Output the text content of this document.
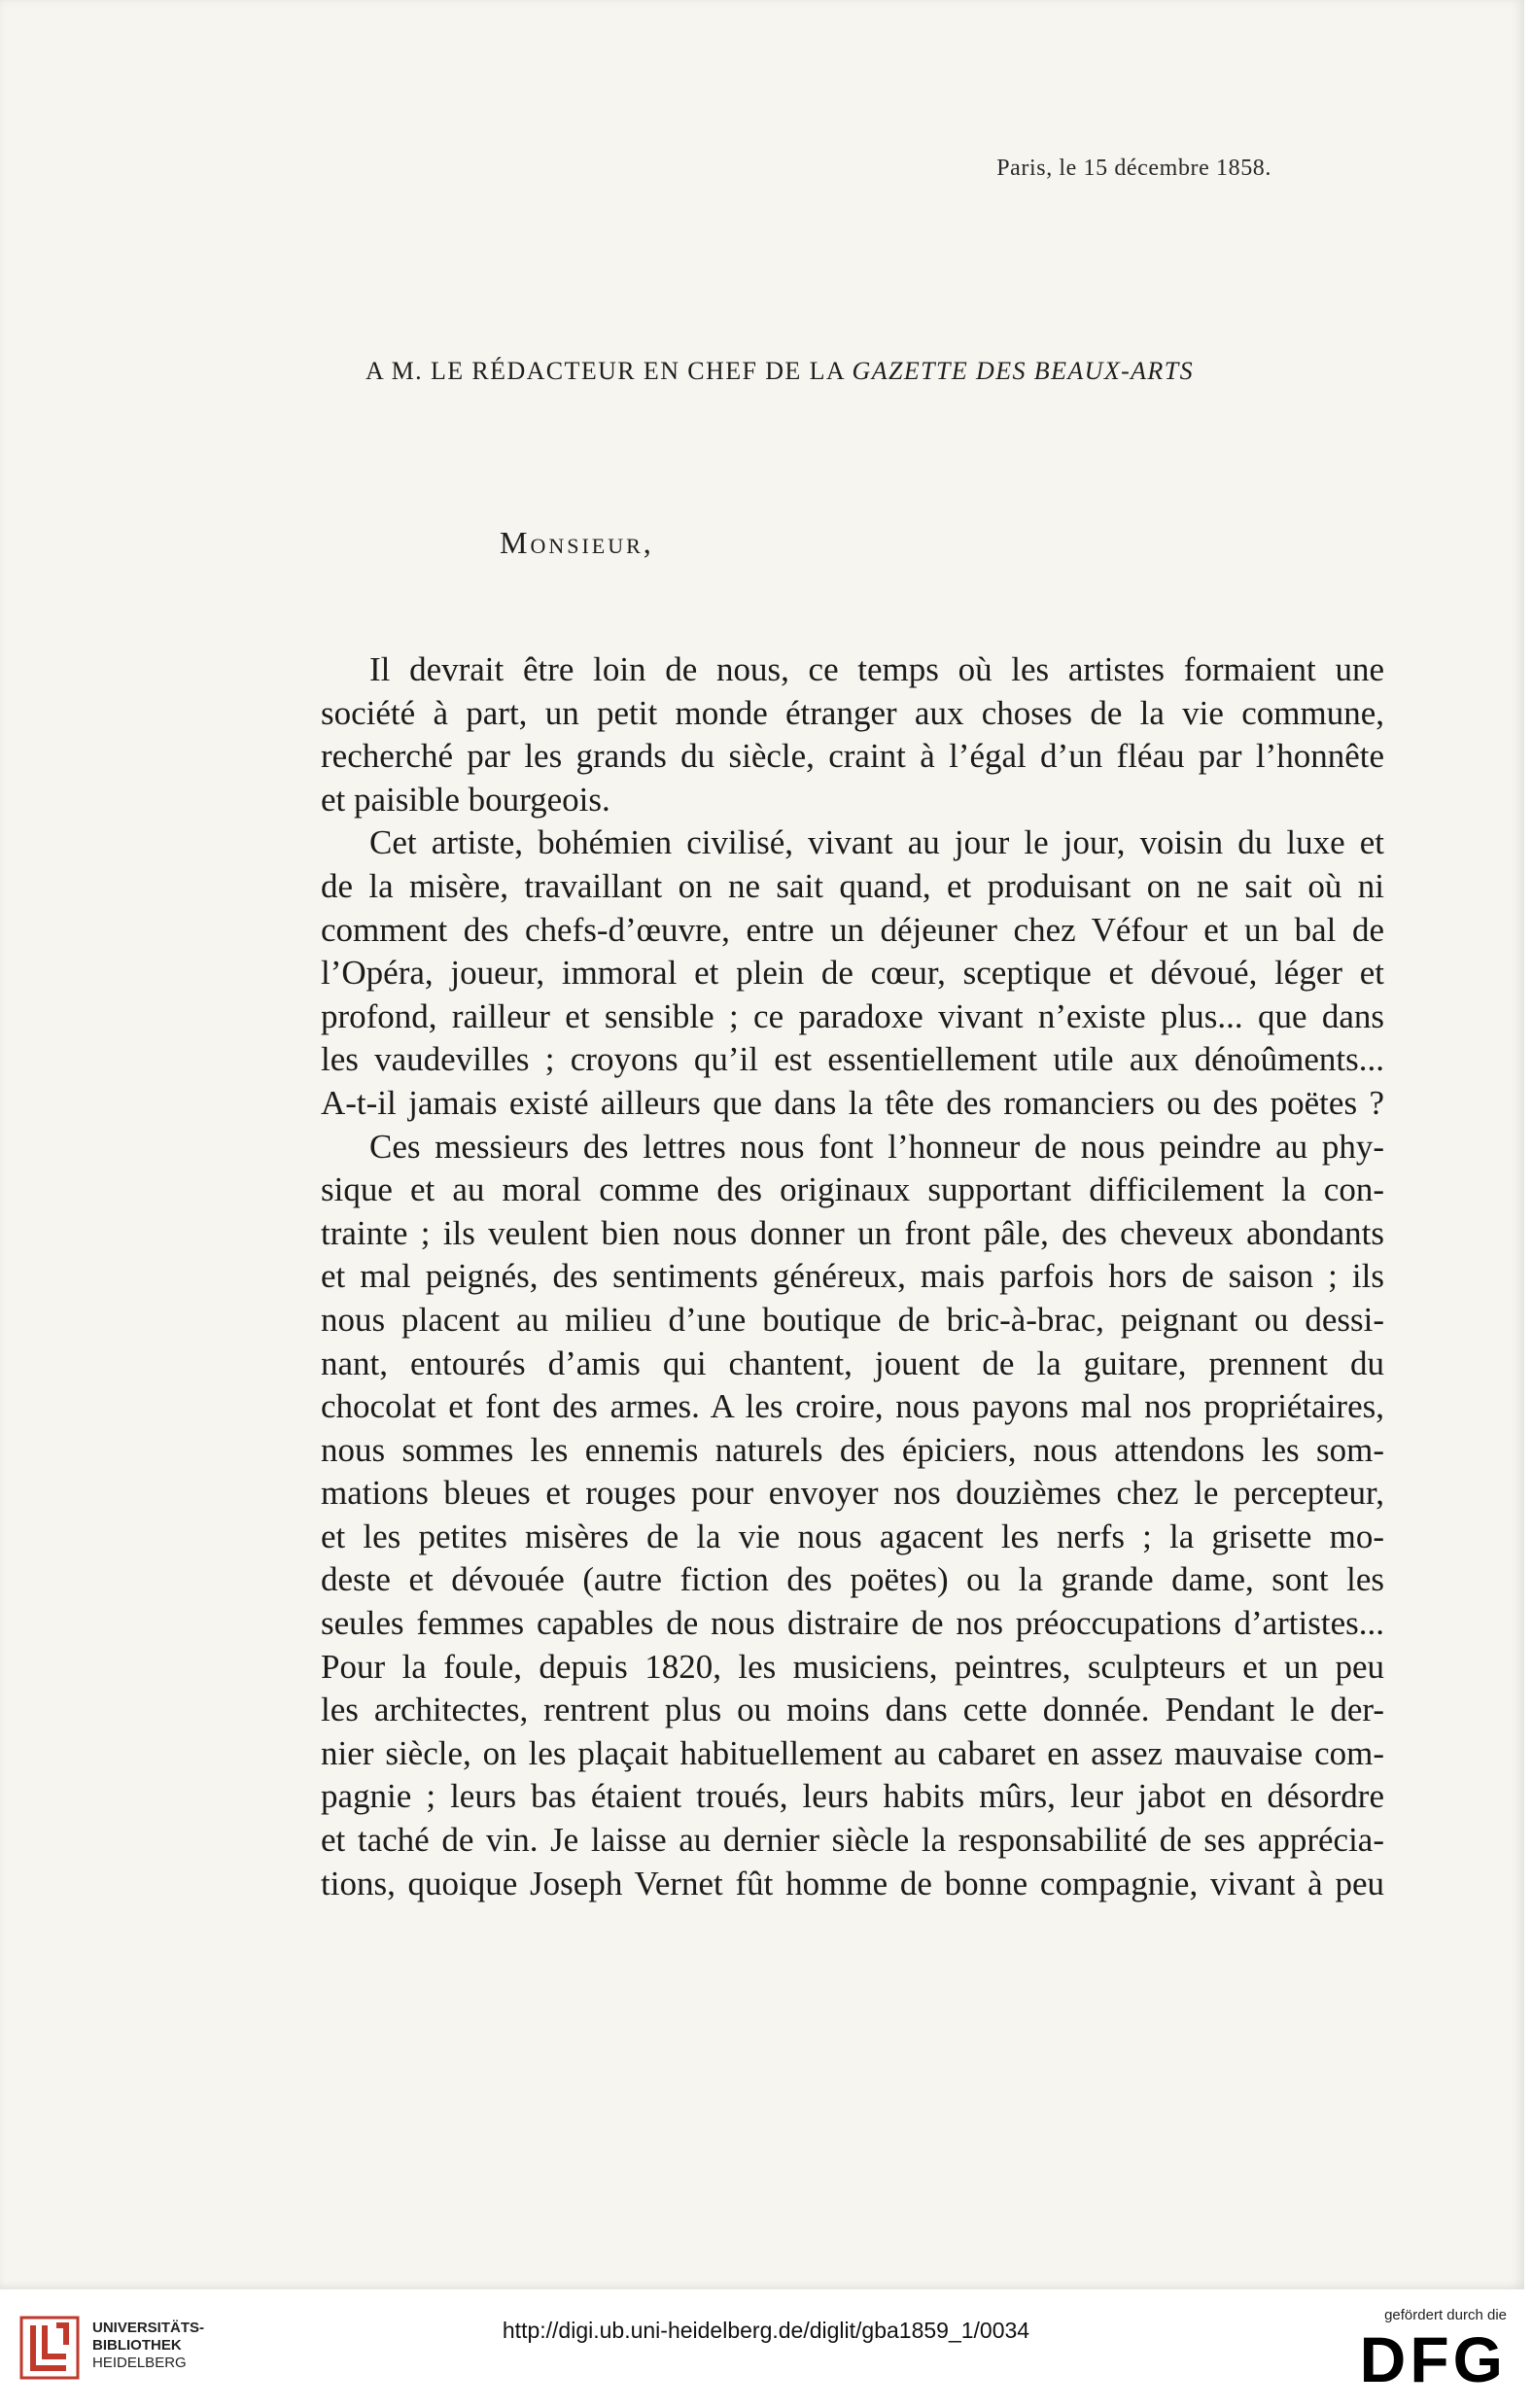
Paris, le 15 décembre 1858.
A M. LE RÉDACTEUR EN CHEF DE LA GAZETTE DES BEAUX-ARTS
Monsieur,
Il devrait être loin de nous, ce temps où les artistes formaient une
société à part, un petit monde étranger aux choses de la vie commune,
recherché par les grands du siècle, craint à l’égal d’un fléau par l’honnête
et paisible bourgeois.
Cet artiste, bohémien civilisé, vivant au jour le jour, voisin du luxe et
de la misère, travaillant on ne sait quand, et produisant on ne sait où ni
comment des chefs-d’œuvre, entre un déjeuner chez Véfour et un bal de
l’Opéra, joueur, immoral et plein de cœur, sceptique et dévoué, léger et
profond, railleur et sensible ; ce paradoxe vivant n’existe plus... que dans
les vaudevilles ; croyons qu’il est essentiellement utile aux dénoûments...
A-t-il jamais existé ailleurs que dans la tête des romanciers ou des poëtes ?
Ces messieurs des lettres nous font l’honneur de nous peindre au phy-
sique et au moral comme des originaux supportant difficilement la con-
trainte ; ils veulent bien nous donner un front pâle, des cheveux abondants
et mal peignés, des sentiments généreux, mais parfois hors de saison ; ils
nous placent au milieu d’une boutique de bric-à-brac, peignant ou dessi-
nant, entourés d’amis qui chantent, jouent de la guitare, prennent du
chocolat et font des armes. A les croire, nous payons mal nos propriétaires,
nous sommes les ennemis naturels des épiciers, nous attendons les som-
mations bleues et rouges pour envoyer nos douzièmes chez le percepteur,
et les petites misères de la vie nous agacent les nerfs ; la grisette mo-
deste et dévouée (autre fiction des poëtes) ou la grande dame, sont les
seules femmes capables de nous distraire de nos préoccupations d’artistes...
Pour la foule, depuis 1820, les musiciens, peintres, sculpteurs et un peu
les architectes, rentrent plus ou moins dans cette donnée. Pendant le der-
nier siècle, on les plaçait habituellement au cabaret en assez mauvaise com-
pagnie ; leurs bas étaient troués, leurs habits mûrs, leur jabot en désordre
et taché de vin. Je laisse au dernier siècle la responsabilité de ses apprécia-
tions, quoique Joseph Vernet fût homme de bonne compagnie, vivant à peu
UNIVERSITÄTS-
BIBLIOTHEK
HEIDELBERG
http://digi.ub.uni-heidelberg.de/diglit/gba1859_1/0034
gefördert durch die
DFG
